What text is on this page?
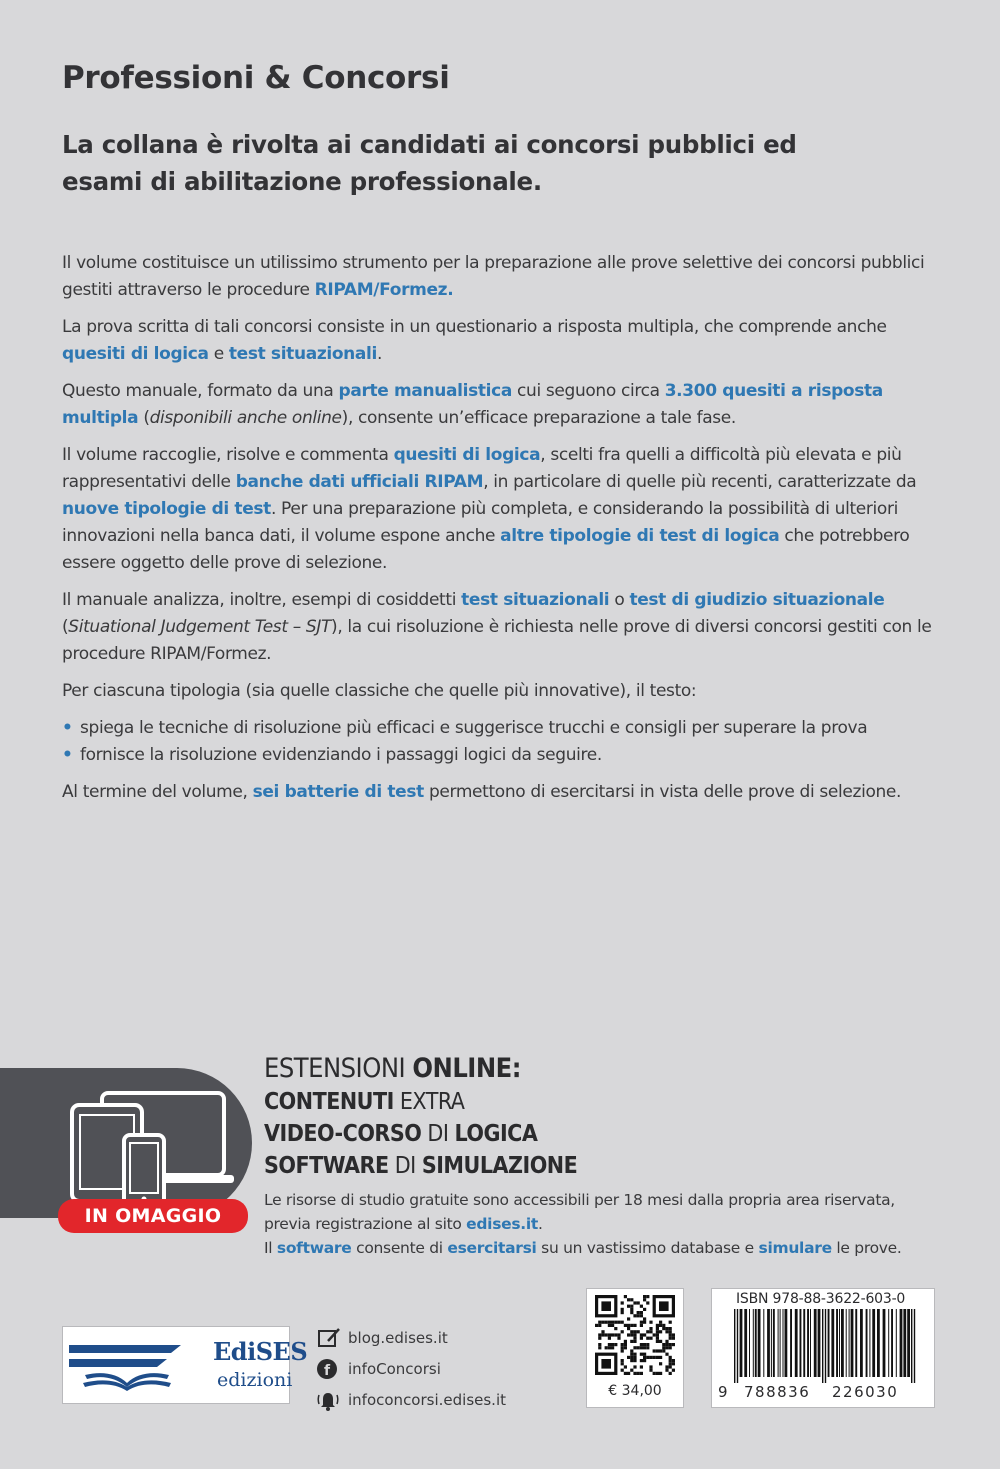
Professioni & Concorsi
La collana è rivolta ai candidati ai concorsi pubblici ed esami di abilitazione professionale.

Il volume costituisce un utilissimo strumento per la preparazione alle prove selettive dei concorsi pubblici gestiti attraverso le procedure RIPAM/Formez.

La prova scritta di tali concorsi consiste in un questionario a risposta multipla, che comprende anche quesiti di logica e test situazionali.

Questo manuale, formato da una parte manualistica cui seguono circa 3.300 quesiti a risposta multipla (disponibili anche online), consente un’efficace preparazione a tale fase.

Il volume raccoglie, risolve e commenta quesiti di logica, scelti fra quelli a difficoltà più elevata e più rappresentativi delle banche dati ufficiali RIPAM, in particolare di quelle più recenti, caratterizzate da nuove tipologie di test. Per una preparazione più completa, e considerando la possibilità di ulteriori innovazioni nella banca dati, il volume espone anche altre tipologie di test di logica che potrebbero essere oggetto delle prove di selezione.

Il manuale analizza, inoltre, esempi di cosiddetti test situazionali o test di giudizio situazionale (Situational Judgement Test – SJT), la cui risoluzione è richiesta nelle prove di diversi concorsi gestiti con le procedure RIPAM/Formez.

Per ciascuna tipologia (sia quelle classiche che quelle più innovative), il testo:

• spiega le tecniche di risoluzione più efficaci e suggerisce trucchi e consigli per superare la prova
• fornisce la risoluzione evidenziando i passaggi logici da seguire.

Al termine del volume, sei batterie di test permettono di esercitarsi in vista delle prove di selezione.

IN OMAGGIO
ESTENSIONI ONLINE:
CONTENUTI EXTRA
VIDEO-CORSO DI LOGICA
SOFTWARE DI SIMULAZIONE

Le risorse di studio gratuite sono accessibili per 18 mesi dalla propria area riservata,

previa registrazione al sito edises.it.

Il software consente di esercitarsi su un vastissimo database e simulare le prove.

EdiSES
edizioni
blog.edises.it
f infoConcorsi
infoconcorsi.edises.it	€ 34,00
ISBN 978-88-3622-603-0
9 788836 226030
